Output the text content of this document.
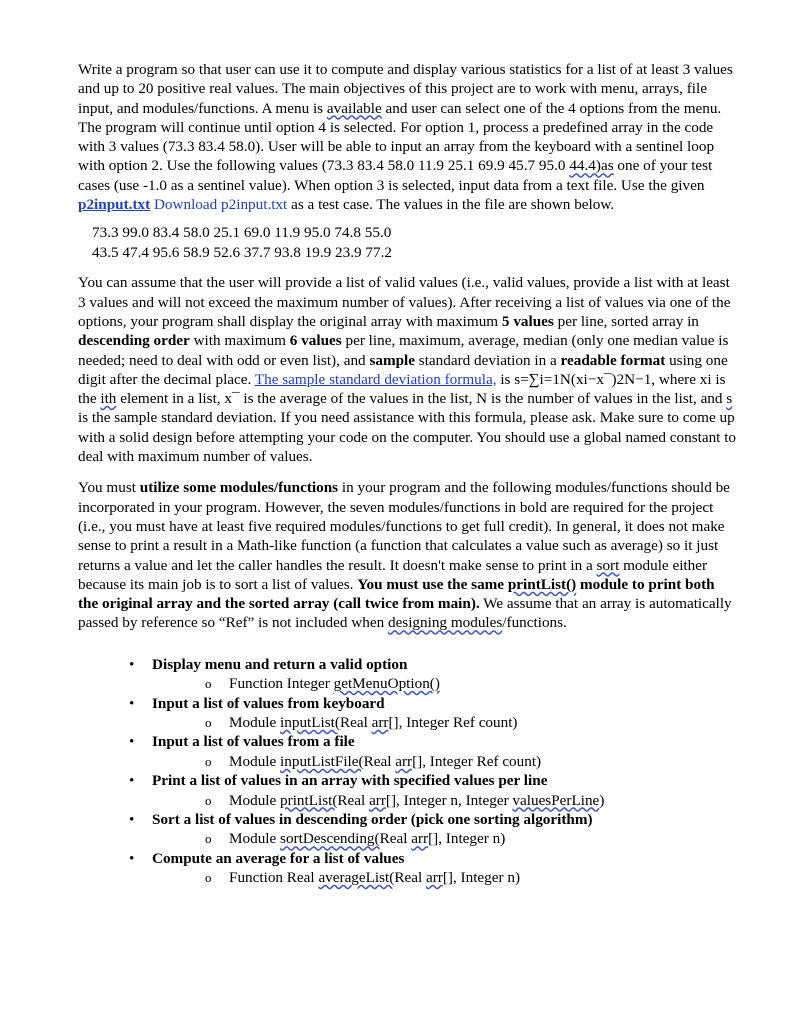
Write a program so that user can use it to compute and display various statistics for a list of at least 3 values and up to 20 positive real values. The main objectives of this project are to work with menu, arrays, file input, and modules/functions. A menu is available and user can select one of the 4 options from the menu. The program will continue until option 4 is selected. For option 1, process a predefined array in the code with 3 values (73.3 83.4 58.0). User will be able to input an array from the keyboard with a sentinel loop with option 2. Use the following values (73.3 83.4 58.0 11.9 25.1 69.9 45.7 95.0 44.4)as one of your test cases (use -1.0 as a sentinel value). When option 3 is selected, input data from a text file. Use the given p2input.txt Download p2input.txt as a test case. The values in the file are shown below.

73.3 99.0 83.4 58.0 25.1 69.0 11.9 95.0 74.8 55.0

43.5 47.4 95.6 58.9 52.6 37.7 93.8 19.9 23.9 77.2

You can assume that the user will provide a list of valid values (i.e., valid values, provide a list with at least 3 values and will not exceed the maximum number of values). After receiving a list of values via one of the options, your program shall display the original array with maximum 5 values per line, sorted array in descending order with maximum 6 values per line, maximum, average, median (only one median value is needed; need to deal with odd or even list), and sample standard deviation in a readable format using one digit after the decimal place. The sample standard deviation formula, is s=∑i=1N(xi−x¯)2N−1, where xi is the ith element in a list, x¯ is the average of the values in the list, N is the number of values in the list, and s is the sample standard deviation. If you need assistance with this formula, please ask. Make sure to come up with a solid design before attempting your code on the computer. You should use a global named constant to deal with maximum number of values.

You must utilize some modules/functions in your program and the following modules/functions should be incorporated in your program. However, the seven modules/functions in bold are required for the project (i.e., you must have at least five required modules/functions to get full credit). In general, it does not make sense to print a result in a Math-like function (a function that calculates a value such as average) so it just returns a value and let the caller handles the result. It doesn't make sense to print in a sort module either because its main job is to sort a list of values. You must use the same printList() module to print both the original array and the sorted array (call twice from main). We assume that an array is automatically passed by reference so “Ref” is not included when designing modules/functions.

• Display menu and return a valid option
o Function Integer getMenuOption()
• Input a list of values from keyboard
o Module inputList(Real arr[], Integer Ref count)
• Input a list of values from a file
o Module inputListFile(Real arr[], Integer Ref count)
• Print a list of values in an array with specified values per line
o Module printList(Real arr[], Integer n, Integer valuesPerLine)
• Sort a list of values in descending order (pick one sorting algorithm)
o Module sortDescending(Real arr[], Integer n)
• Compute an average for a list of values
o Function Real averageList(Real arr[], Integer n)
